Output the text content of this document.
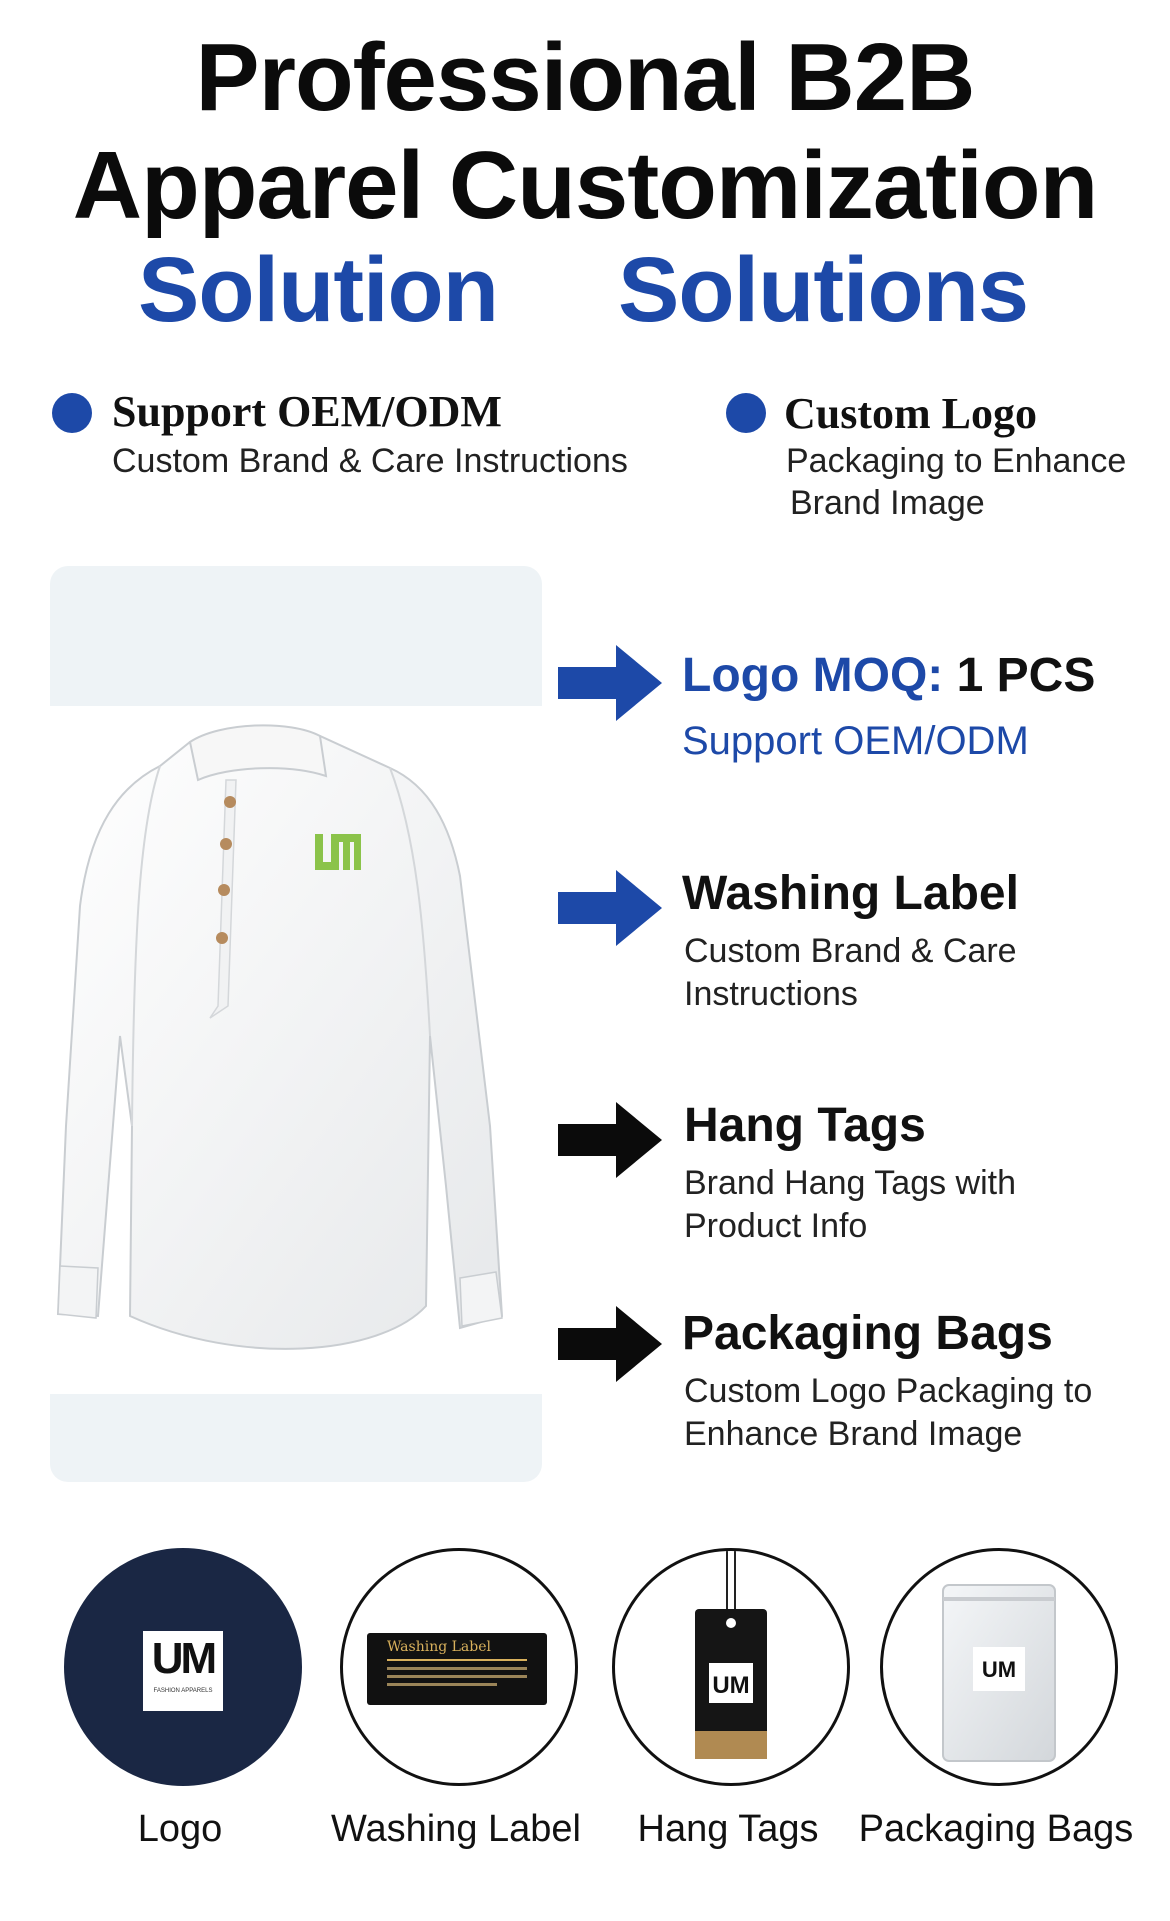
Professional B2B
Apparel Customization
Solution Solutions
Support OEM/ODM
Custom Brand & Care Instructions
Custom Logo
Packaging to Enhance
Brand Image
Logo MOQ: 1 PCS
Support OEM/ODM
Washing Label
Custom Brand & Care
Instructions
Hang Tags
Brand Hang Tags with
Product Info
Packaging Bags
Custom Logo Packaging to
Enhance Brand Image
UM
FASHION APPARELS
Washing Label
UM
UM
Logo	Washing Label	Hang Tags	Packaging Bags
